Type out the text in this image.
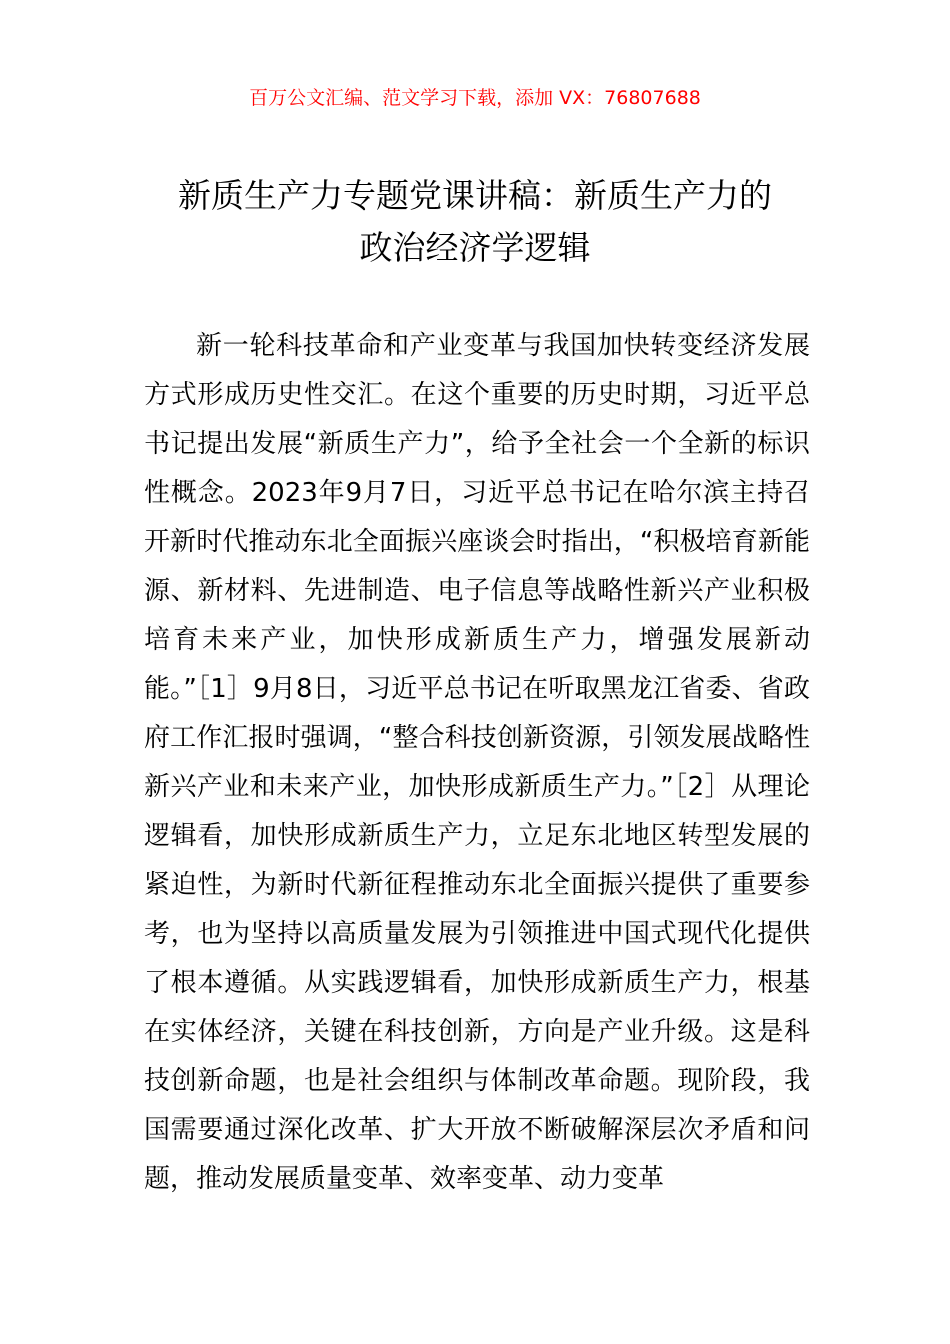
百万公文汇编、范文学习下载，添加 VX：76807688
新质生产力专题党课讲稿：新质生产力的
政治经济学逻辑

新一轮科技革命和产业变革与我国加快转变经济发展方式形成历史性交汇。在这个重要的历史时期，习近平总书记提出发展“新质生产力”，给予全社会一个全新的标识性概念。2023年9月7日，习近平总书记在哈尔滨主持召开新时代推动东北全面振兴座谈会时指出，“积极培育新能源、新材料、先进制造、电子信息等战略性新兴产业积极培育未来产业，加快形成新质生产力，增强发展新动能。”［1］9月8日，习近平总书记在听取黑龙江省委、省政府工作汇报时强调，“整合科技创新资源，引领发展战略性新兴产业和未来产业，加快形成新质生产力。”［2］从理论逻辑看，加快形成新质生产力，立足东北地区转型发展的紧迫性，为新时代新征程推动东北全面振兴提供了重要参考，也为坚持以高质量发展为引领推进中国式现代化提供了根本遵循。从实践逻辑看，加快形成新质生产力，根基在实体经济，关键在科技创新，方向是产业升级。这是科技创新命题，也是社会组织与体制改革命题。现阶段，我国需要通过深化改革、扩大开放不断破解深层次矛盾和问题，推动发展质量变革、效率变革、动力变革
